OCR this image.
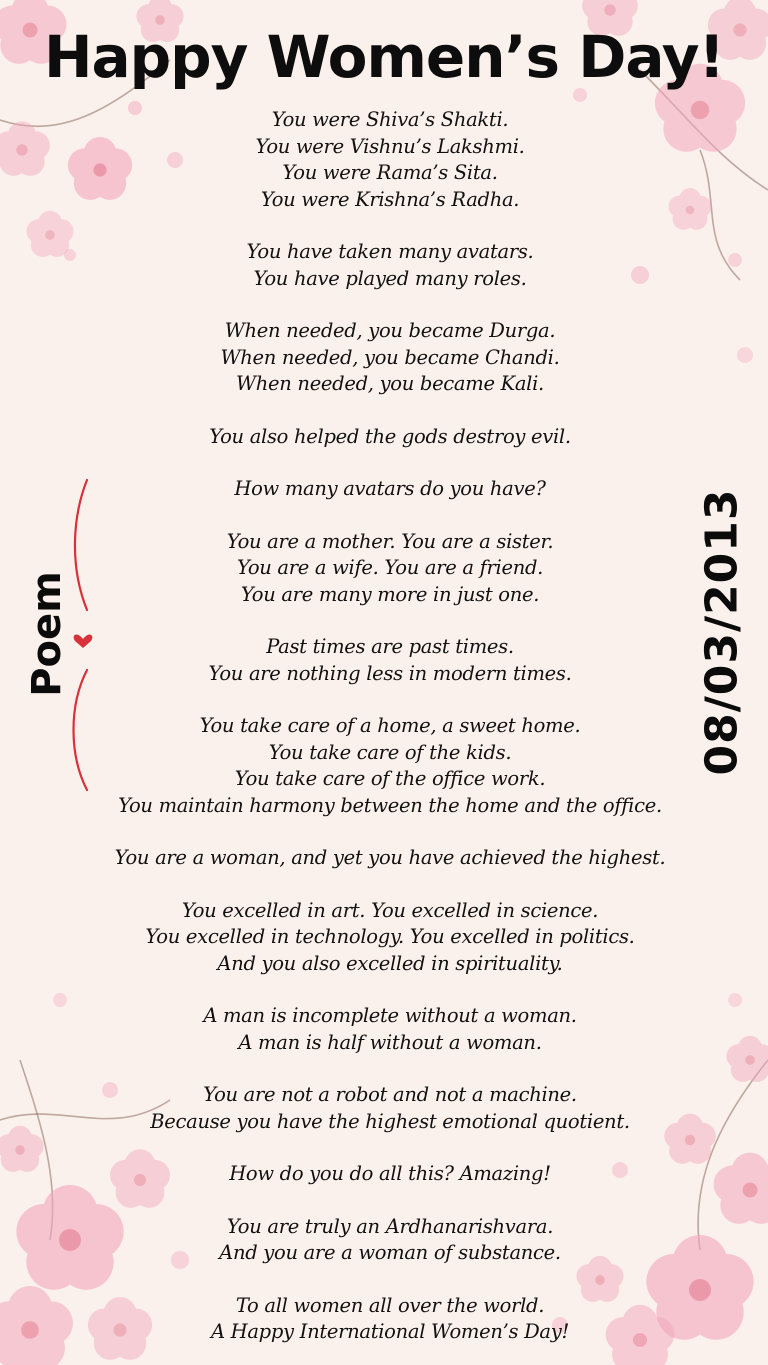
Happy Women’s Day!
You were Shiva’s Shakti.
You were Vishnu’s Lakshmi.
You were Rama’s Sita.
You were Krishna’s Radha.
You have taken many avatars.
You have played many roles.
When needed, you became Durga.
When needed, you became Chandi.
When needed, you became Kali.
You also helped the gods destroy evil.
How many avatars do you have?
You are a mother. You are a sister.
You are a wife. You are a friend.
You are many more in just one.
Past times are past times.
You are nothing less in modern times.
You take care of a home, a sweet home.
You take care of the kids.
You take care of the office work.
You maintain harmony between the home and the office.
You are a woman, and yet you have achieved the highest.
You excelled in art. You excelled in science.
You excelled in technology. You excelled in politics.
And you also excelled in spirituality.
A man is incomplete without a woman.
A man is half without a woman.
You are not a robot and not a machine.
Because you have the highest emotional quotient.
How do you do all this? Amazing!
You are truly an Ardhanarishvara.
And you are a woman of substance.
To all women all over the world.
A Happy International Women’s Day!
Poem	08/03/2013
